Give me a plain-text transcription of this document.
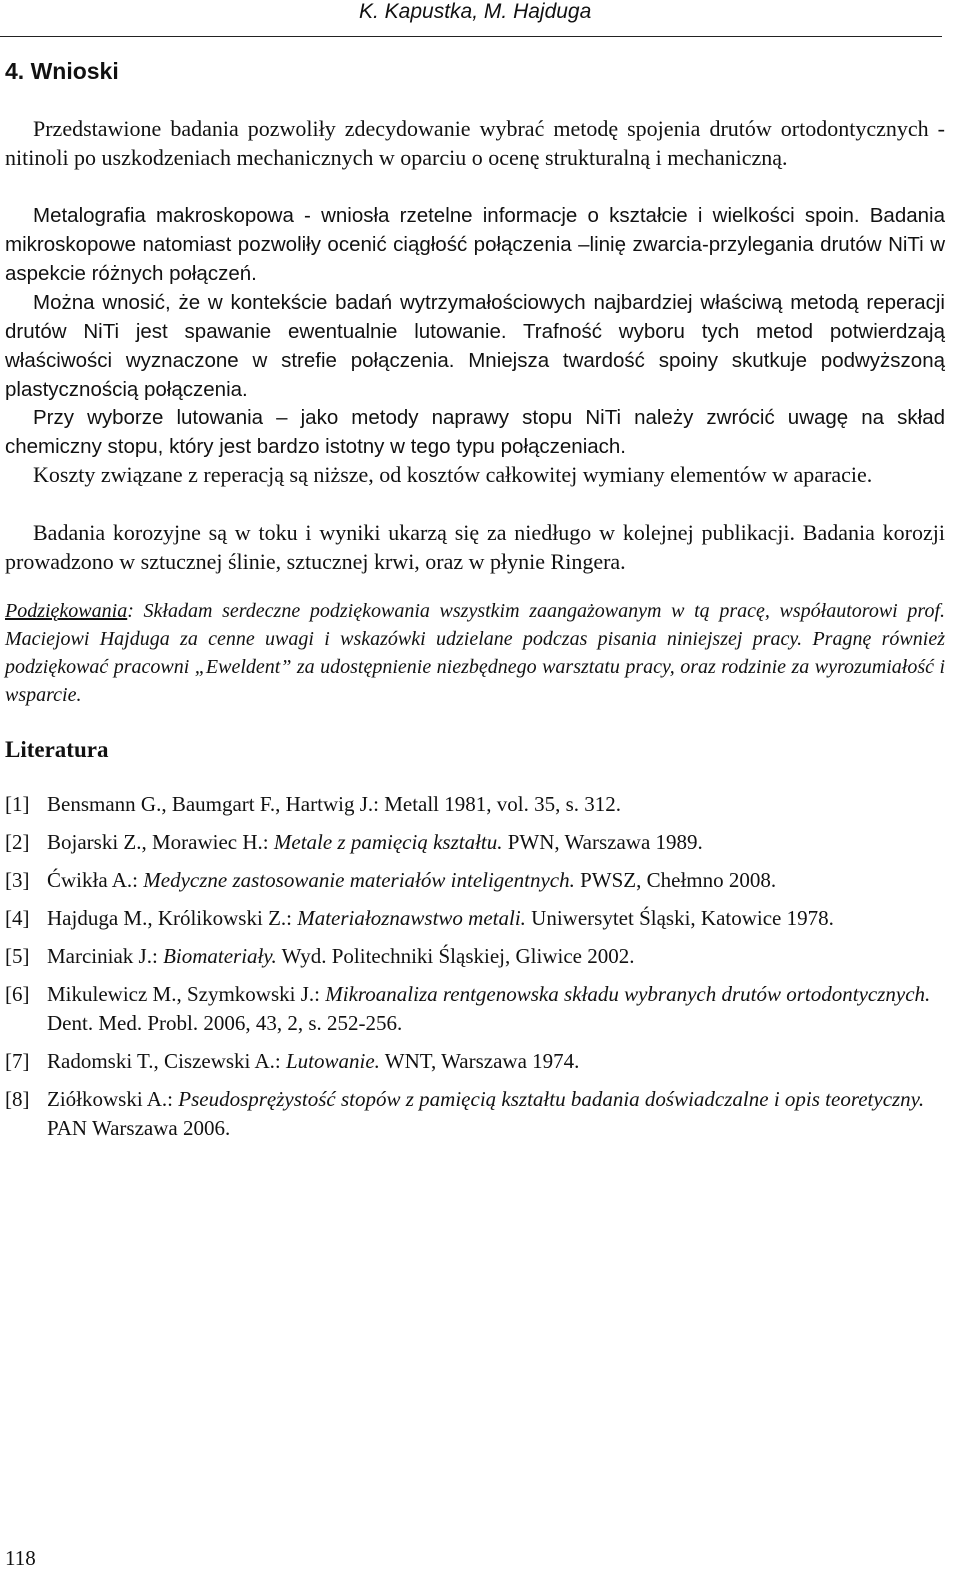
K. Kapustka, M. Hajduga
4. Wnioski
Przedstawione badania pozwoliły zdecydowanie wybrać metodę spojenia drutów ortodontycznych - nitinoli po uszkodzeniach mechanicznych w oparciu o ocenę strukturalną i mechaniczną.
Metalografia makroskopowa - wniosła rzetelne informacje o kształcie i wielkości spoin. Badania mikroskopowe natomiast pozwoliły ocenić ciągłość połączenia –linię zwarcia-przylegania drutów NiTi w aspekcie różnych połączeń.
Można wnosić, że w kontekście badań wytrzymałościowych najbardziej właściwą metodą reperacji drutów NiTi jest spawanie ewentualnie lutowanie. Trafność wyboru tych metod potwierdzają właściwości wyznaczone w strefie połączenia. Mniejsza twardość spoiny skutkuje podwyższoną plastycznością połączenia.
Przy wyborze lutowania – jako metody naprawy stopu NiTi należy zwrócić uwagę na skład chemiczny stopu, który jest bardzo istotny w tego typu połączeniach.
Koszty związane z reperacją są niższe, od kosztów całkowitej wymiany elementów w aparacie.
Badania korozyjne są w toku i wyniki ukarzą się za niedługo w kolejnej publikacji. Badania korozji prowadzono w sztucznej ślinie, sztucznej krwi, oraz w płynie Ringera.
Podziękowania: Składam serdeczne podziękowania wszystkim zaangażowanym w tą pracę, współautorowi prof. Maciejowi Hajduga za cenne uwagi i wskazówki udzielane podczas pisania niniejszej pracy. Pragnę również podziękować pracowni „Eweldent” za udostępnienie niezbędnego warsztatu pracy, oraz rodzinie za wyrozumiałość i wsparcie.
Literatura
[1] Bensmann G., Baumgart F., Hartwig J.: Metall 1981, vol. 35, s. 312.
[2] Bojarski Z., Morawiec H.: Metale z pamięcią kształtu. PWN, Warszawa 1989.
[3] Ćwikła A.: Medyczne zastosowanie materiałów inteligentnych. PWSZ, Chełmno 2008.
[4] Hajduga M., Królikowski Z.: Materiałoznawstwo metali. Uniwersytet Śląski, Katowice 1978.
[5] Marciniak J.: Biomateriały. Wyd. Politechniki Śląskiej, Gliwice 2002.
[6] Mikulewicz M., Szymkowski J.: Mikroanaliza rentgenowska składu wybranych drutów ortodontycznych. Dent. Med. Probl. 2006, 43, 2, s. 252-256.
[7] Radomski T., Ciszewski A.: Lutowanie. WNT, Warszawa 1974.
[8] Ziółkowski A.: Pseudosprężystość stopów z pamięcią kształtu badania doświadczalne i opis teoretyczny. PAN Warszawa 2006.
118
